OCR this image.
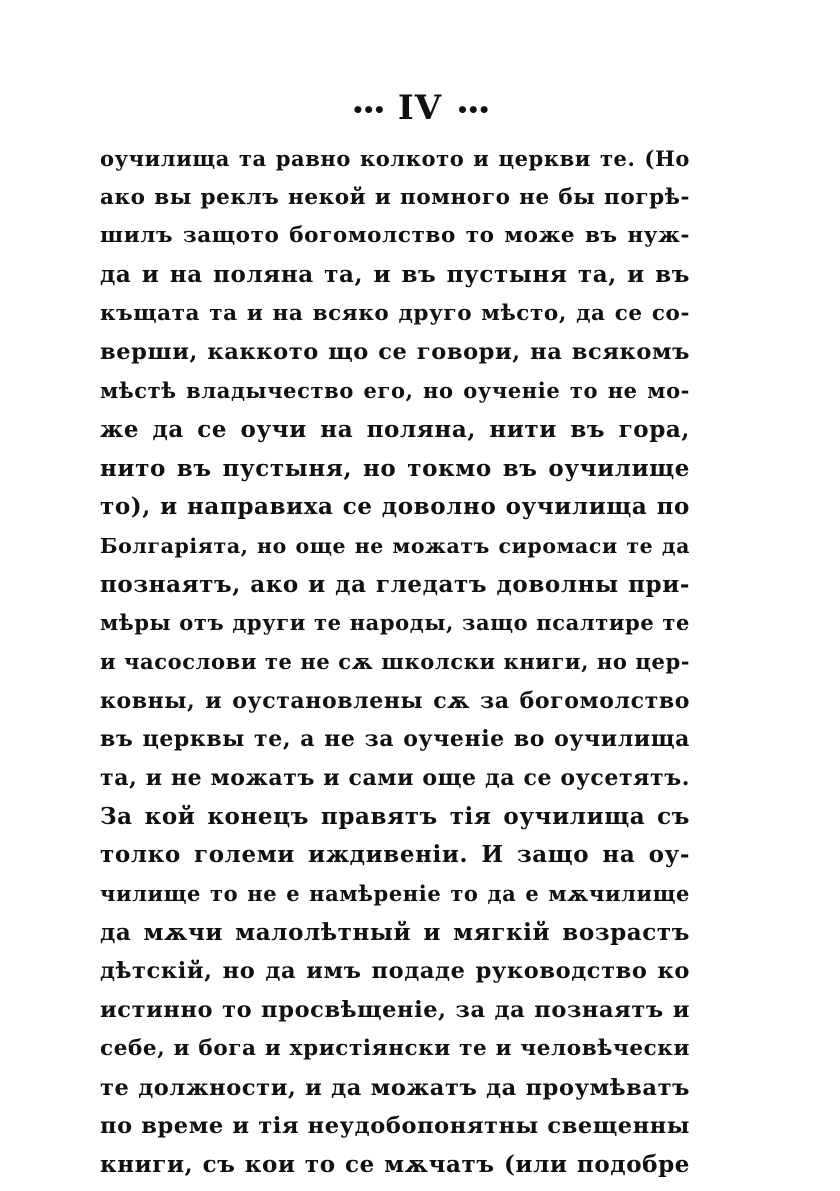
••• IV •••
оучилища та равно колкото и церкви те. (Но
ако вы реклъ некой и помного не бы погрѣ-
шилъ защото богомолство то може въ нуж-
да и на поляна та, и въ пустыня та, и въ
къщата та и на всяко друго мѣсто, да се со-
верши, каккото що се говори, на всякомъ
мѣстѣ владычество его, но оученіе то не мо-
же да се оучи на поляна, нити въ гора,
нито въ пустыня, но токмо въ оучилище
то), и направиха се доволно оучилища по
Болгаріята, но още не можатъ сиромаси те да
познаятъ, ако и да гледатъ доволны при-
мѣры отъ други те народы, защо псалтире те
и часослови те не сѫ школски книги, но цер-
ковны, и оустановлены сѫ за богомолство
въ церквы те, а не за оученіе во оучилища
та, и не можатъ и сами още да се оусетятъ.
За кой конецъ правятъ тія оучилища съ
толко големи иждивеніи. И защо на оу-
чилище то не е намѣреніе то да е мѫчилище
да мѫчи малолѣтный и мягкій возрастъ
дѣтскій, но да имъ подаде руководство ко
истинно то просвѣщеніе, за да познаятъ и
себе, и бога и христіянски те и человѣчески
те должности, и да можатъ да проумѣватъ
по време и тія неудобопонятны свещенны
книги, съ кои то се мѫчатъ (или подобре
